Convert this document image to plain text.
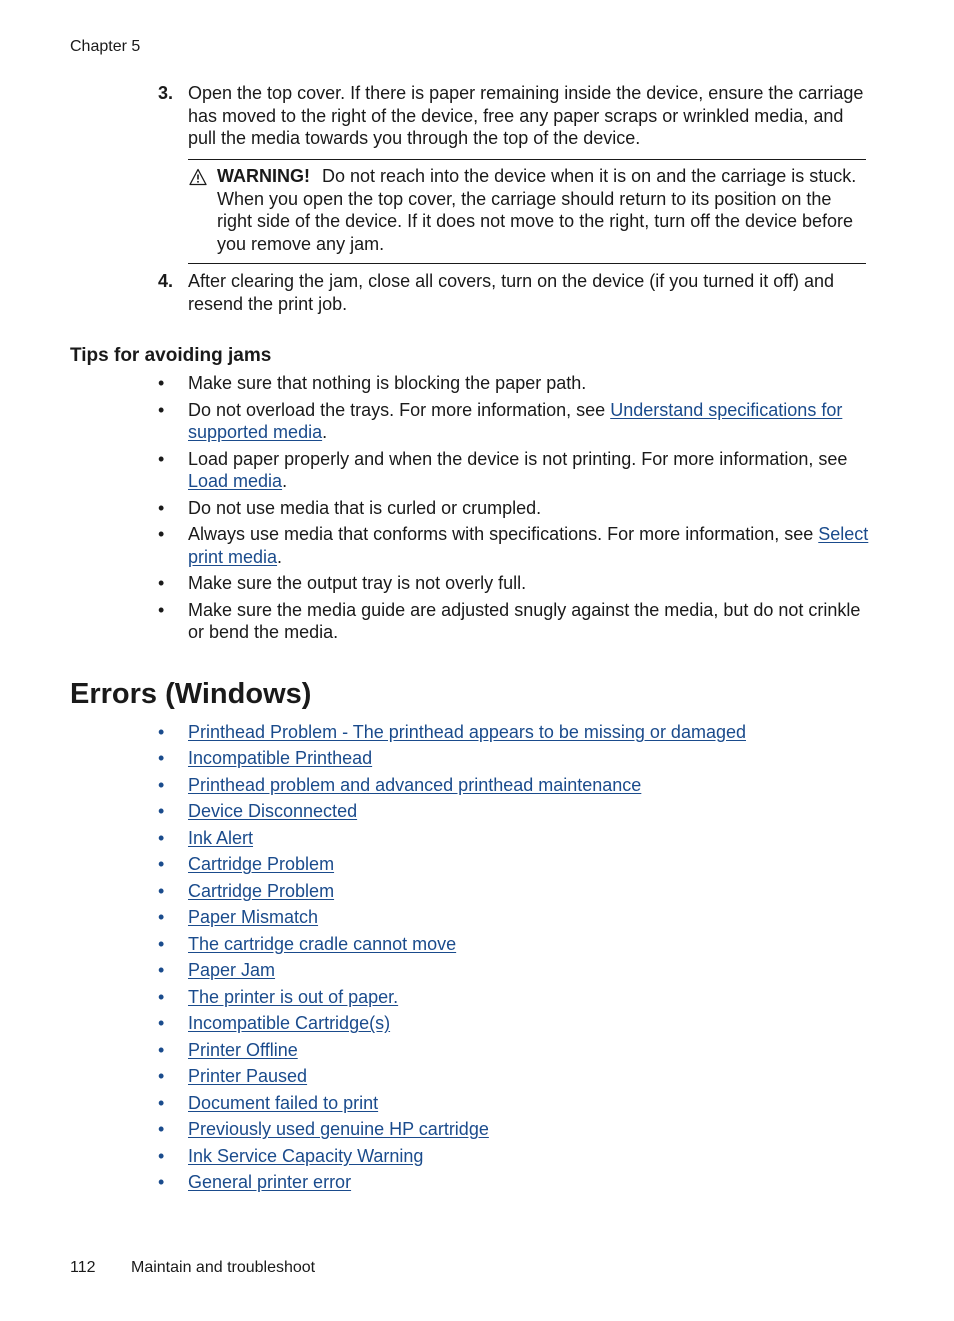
Chapter 5
3. Open the top cover. If there is paper remaining inside the device, ensure the carriage has moved to the right of the device, free any paper scraps or wrinkled media, and pull the media towards you through the top of the device.
WARNING! Do not reach into the device when it is on and the carriage is stuck. When you open the top cover, the carriage should return to its position on the right side of the device. If it does not move to the right, turn off the device before you remove any jam.
4. After clearing the jam, close all covers, turn on the device (if you turned it off) and resend the print job.
Tips for avoiding jams
• Make sure that nothing is blocking the paper path.
• Do not overload the trays. For more information, see Understand specifications for supported media.
• Load paper properly and when the device is not printing. For more information, see Load media.
• Do not use media that is curled or crumpled.
• Always use media that conforms with specifications. For more information, see Select print media.
• Make sure the output tray is not overly full.
• Make sure the media guide are adjusted snugly against the media, but do not crinkle or bend the media.
Errors (Windows)
• Printhead Problem - The printhead appears to be missing or damaged
• Incompatible Printhead
• Printhead problem and advanced printhead maintenance
• Device Disconnected
• Ink Alert
• Cartridge Problem
• Cartridge Problem
• Paper Mismatch
• The cartridge cradle cannot move
• Paper Jam
• The printer is out of paper.
• Incompatible Cartridge(s)
• Printer Offline
• Printer Paused
• Document failed to print
• Previously used genuine HP cartridge
• Ink Service Capacity Warning
• General printer error
112 Maintain and troubleshoot
